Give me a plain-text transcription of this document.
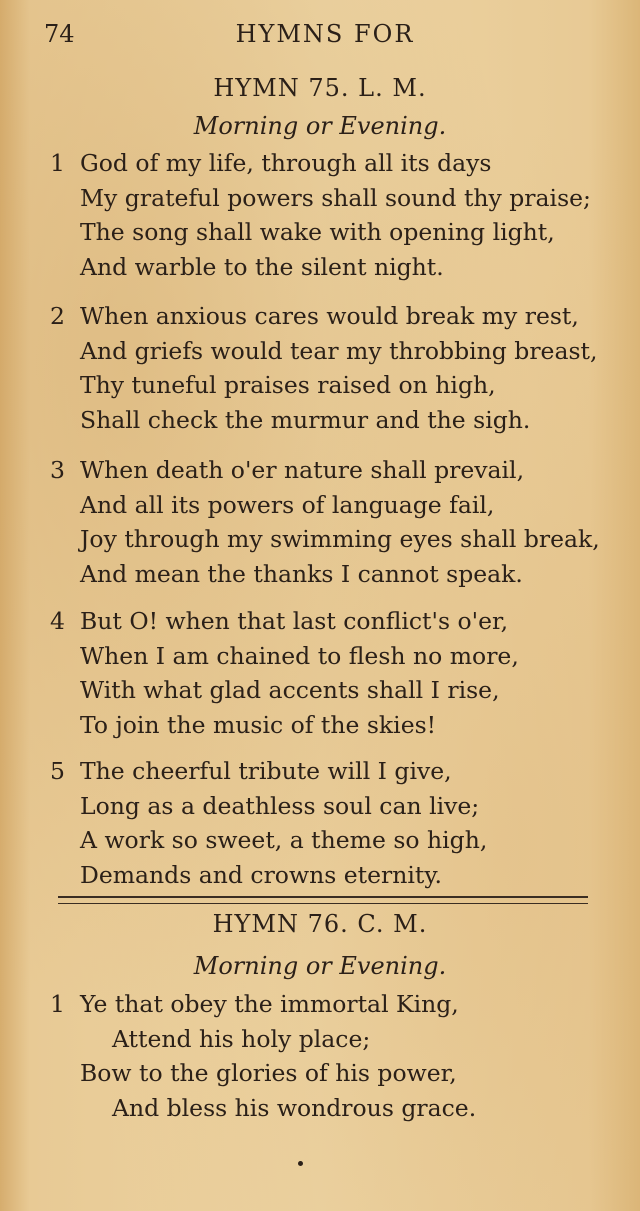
74	HYMNS FOR
HYMN 75. L. M.
Morning or Evening.
1 God of my life, through all its days
My grateful powers shall sound thy praise;
The song shall wake with opening light,
And warble to the silent night.
2 When anxious cares would break my rest,
And griefs would tear my throbbing breast,
Thy tuneful praises raised on high,
Shall check the murmur and the sigh.
3 When death o'er nature shall prevail,
And all its powers of language fail,
Joy through my swimming eyes shall break,
And mean the thanks I cannot speak.
4 But O! when that last conflict's o'er,
When I am chained to flesh no more,
With what glad accents shall I rise,
To join the music of the skies!
5 The cheerful tribute will I give,
Long as a deathless soul can live;
A work so sweet, a theme so high,
Demands and crowns eternity.
HYMN 76. C. M.
Morning or Evening.
1 Ye that obey the immortal King,
Attend his holy place;
Bow to the glories of his power,
And bless his wondrous grace.
